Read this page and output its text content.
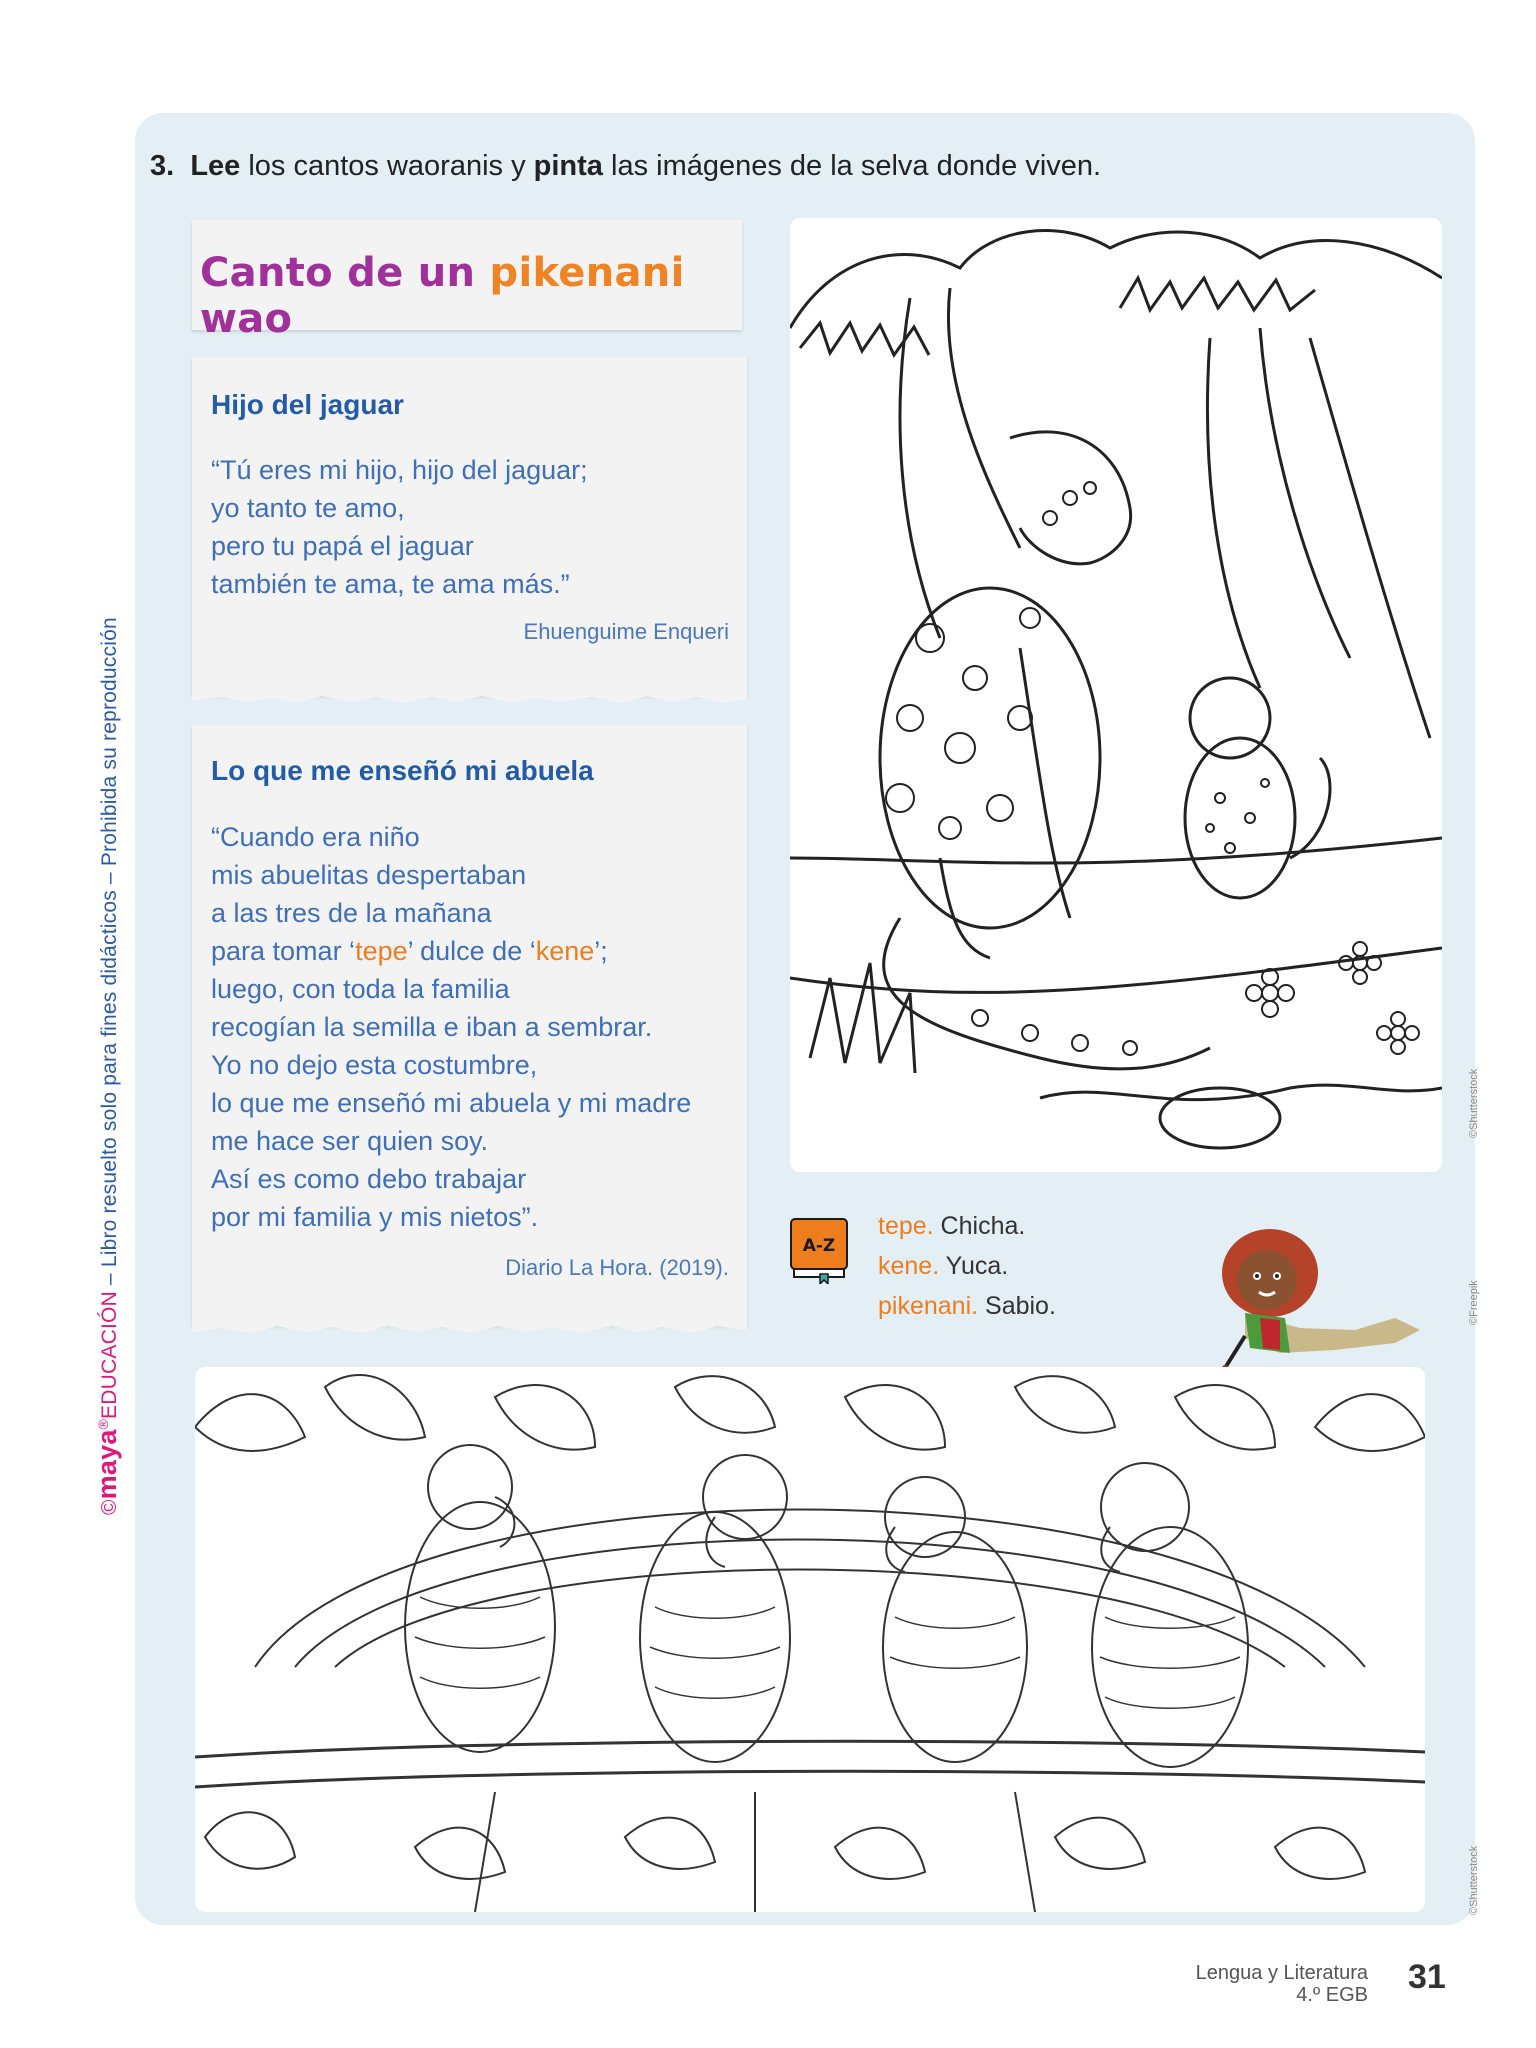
©maya®EDUCACIÓN – Libro resuelto solo para fines didácticos – Prohibida su reproducción
3. Lee los cantos waoranis y pinta las imágenes de la selva donde viven.
Canto de un pikenani wao
Hijo del jaguar
“Tú eres mi hijo, hijo del jaguar;
yo tanto te amo,
pero tu papá el jaguar
también te ama, te ama más.”
Ehuenguime Enqueri
Lo que me enseñó mi abuela
“Cuando era niño
mis abuelitas despertaban
a las tres de la mañana
para tomar ‘tepe’ dulce de ‘kene’;
luego, con toda la familia
recogían la semilla e iban a sembrar.
Yo no dejo esta costumbre,
lo que me enseñó mi abuela y mi madre
me hace ser quien soy.
Así es como debo trabajar
por mi familia y mis nietos”.
Diario La Hora. (2019).
©Shutterstock
A-Z
tepe. Chicha.
kene. Yuca.
pikenani. Sabio.	©Freepik
©Shutterstock
Lengua y Literatura
4.º EGB 31
